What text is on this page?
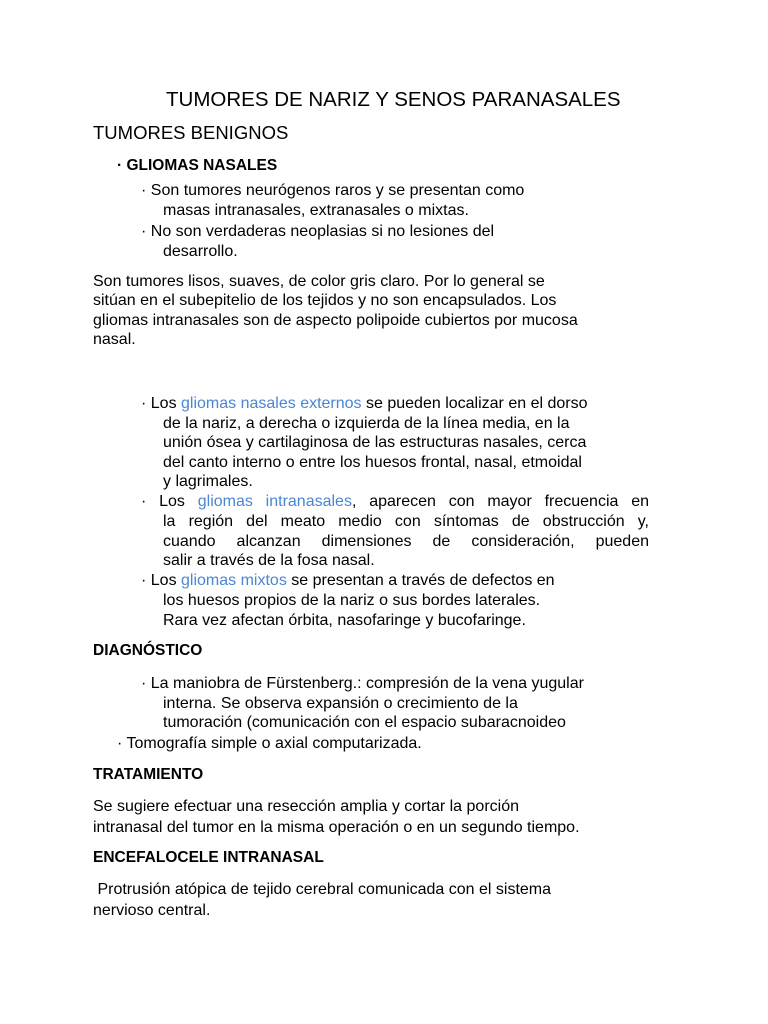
TUMORES DE NARIZ Y SENOS PARANASALES
TUMORES BENIGNOS
· GLIOMAS NASALES
· Son tumores neurógenos raros y se presentan como
masas intranasales, extranasales o mixtas.
· No son verdaderas neoplasias si no lesiones del
desarrollo.
Son tumores lisos, suaves, de color gris claro. Por lo general se
sitúan en el subepitelio de los tejidos y no son encapsulados. Los
gliomas intranasales son de aspecto polipoide cubiertos por mucosa
nasal.
· Los gliomas nasales externos se pueden localizar en el dorso
de la nariz, a derecha o izquierda de la línea media, en la
unión ósea y cartilaginosa de las estructuras nasales, cerca
del canto interno o entre los huesos frontal, nasal, etmoidal
y lagrimales.
· Los gliomas intranasales, aparecen con mayor frecuencia en
la región del meato medio con síntomas de obstrucción y,
cuando alcanzan dimensiones de consideración, pueden
salir a través de la fosa nasal.
· Los gliomas mixtos se presentan a través de defectos en
los huesos propios de la nariz o sus bordes laterales.
Rara vez afectan órbita, nasofaringe y bucofaringe.
DIAGNÓSTICO
· La maniobra de Fürstenberg.: compresión de la vena yugular
interna. Se observa expansión o crecimiento de la
tumoración (comunicación con el espacio subaracnoideo
· Tomografía simple o axial computarizada.
TRATAMIENTO
Se sugiere efectuar una resección amplia y cortar la porción
intranasal del tumor en la misma operación o en un segundo tiempo.
ENCEFALOCELE INTRANASAL
Protrusión atópica de tejido cerebral comunicada con el sistema
nervioso central.
